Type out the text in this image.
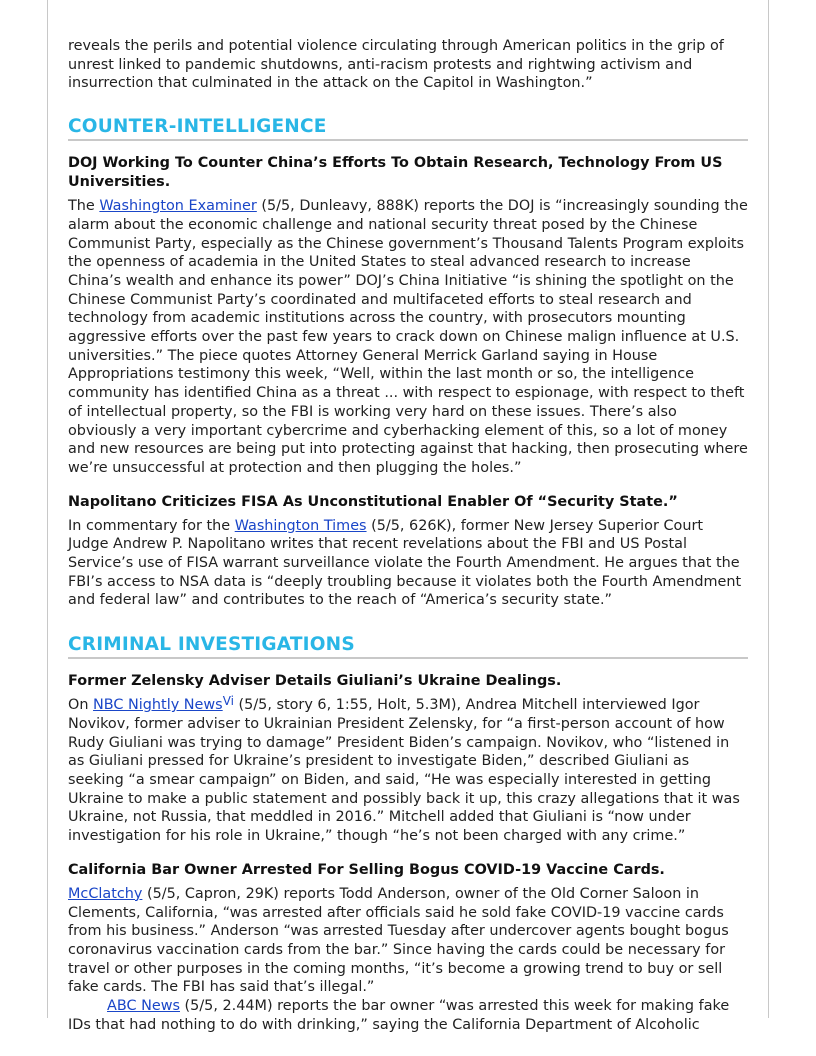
reveals the perils and potential violence circulating through American politics in the grip of unrest linked to pandemic shutdowns, anti-racism protests and rightwing activism and insurrection that culminated in the attack on the Capitol in Washington.”

COUNTER-INTELLIGENCE
DOJ Working To Counter China’s Efforts To Obtain Research, Technology From US Universities.

The Washington Examiner (5/5, Dunleavy, 888K) reports the DOJ is “increasingly sounding the alarm about the economic challenge and national security threat posed by the Chinese Communist Party, especially as the Chinese government’s Thousand Talents Program exploits the openness of academia in the United States to steal advanced research to increase China’s wealth and enhance its power” DOJ’s China Initiative “is shining the spotlight on the Chinese Communist Party’s coordinated and multifaceted efforts to steal research and technology from academic institutions across the country, with prosecutors mounting aggressive efforts over the past few years to crack down on Chinese malign influence at U.S. universities.” The piece quotes Attorney General Merrick Garland saying in House Appropriations testimony this week, “Well, within the last month or so, the intelligence community has identified China as a threat ... with respect to espionage, with respect to theft of intellectual property, so the FBI is working very hard on these issues. There’s also obviously a very important cybercrime and cyberhacking element of this, so a lot of money and new resources are being put into protecting against that hacking, then prosecuting where we’re unsuccessful at protection and then plugging the holes.”

Napolitano Criticizes FISA As Unconstitutional Enabler Of “Security State.”

In commentary for the Washington Times (5/5, 626K), former New Jersey Superior Court Judge Andrew P. Napolitano writes that recent revelations about the FBI and US Postal Service’s use of FISA warrant surveillance violate the Fourth Amendment. He argues that the FBI’s access to NSA data is “deeply troubling because it violates both the Fourth Amendment and federal law” and contributes to the reach of “America’s security state.”

CRIMINAL INVESTIGATIONS
Former Zelensky Adviser Details Giuliani’s Ukraine Dealings.

On NBC Nightly News$^{Vi}$ (5/5, story 6, 1:55, Holt, 5.3M), Andrea Mitchell interviewed Igor Novikov, former adviser to Ukrainian President Zelensky, for “a first-person account of how Rudy Giuliani was trying to damage” President Biden’s campaign. Novikov, who “listened in as Giuliani pressed for Ukraine’s president to investigate Biden,” described Giuliani as seeking “a smear campaign” on Biden, and said, “He was especially interested in getting Ukraine to make a public statement and possibly back it up, this crazy allegations that it was Ukraine, not Russia, that meddled in 2016.” Mitchell added that Giuliani is “now under investigation for his role in Ukraine,” though “he’s not been charged with any crime.”

California Bar Owner Arrested For Selling Bogus COVID-19 Vaccine Cards.

McClatchy (5/5, Capron, 29K) reports Todd Anderson, owner of the Old Corner Saloon in Clements, California, “was arrested after officials said he sold fake COVID-19 vaccine cards from his business.” Anderson “was arrested Tuesday after undercover agents bought bogus coronavirus vaccination cards from the bar.” Since having the cards could be necessary for travel or other purposes in the coming months, “it’s become a growing trend to buy or sell fake cards. The FBI has said that’s illegal.”

ABC News (5/5, 2.44M) reports the bar owner “was arrested this week for making fake IDs that had nothing to do with drinking,” saying the California Department of Alcoholic
